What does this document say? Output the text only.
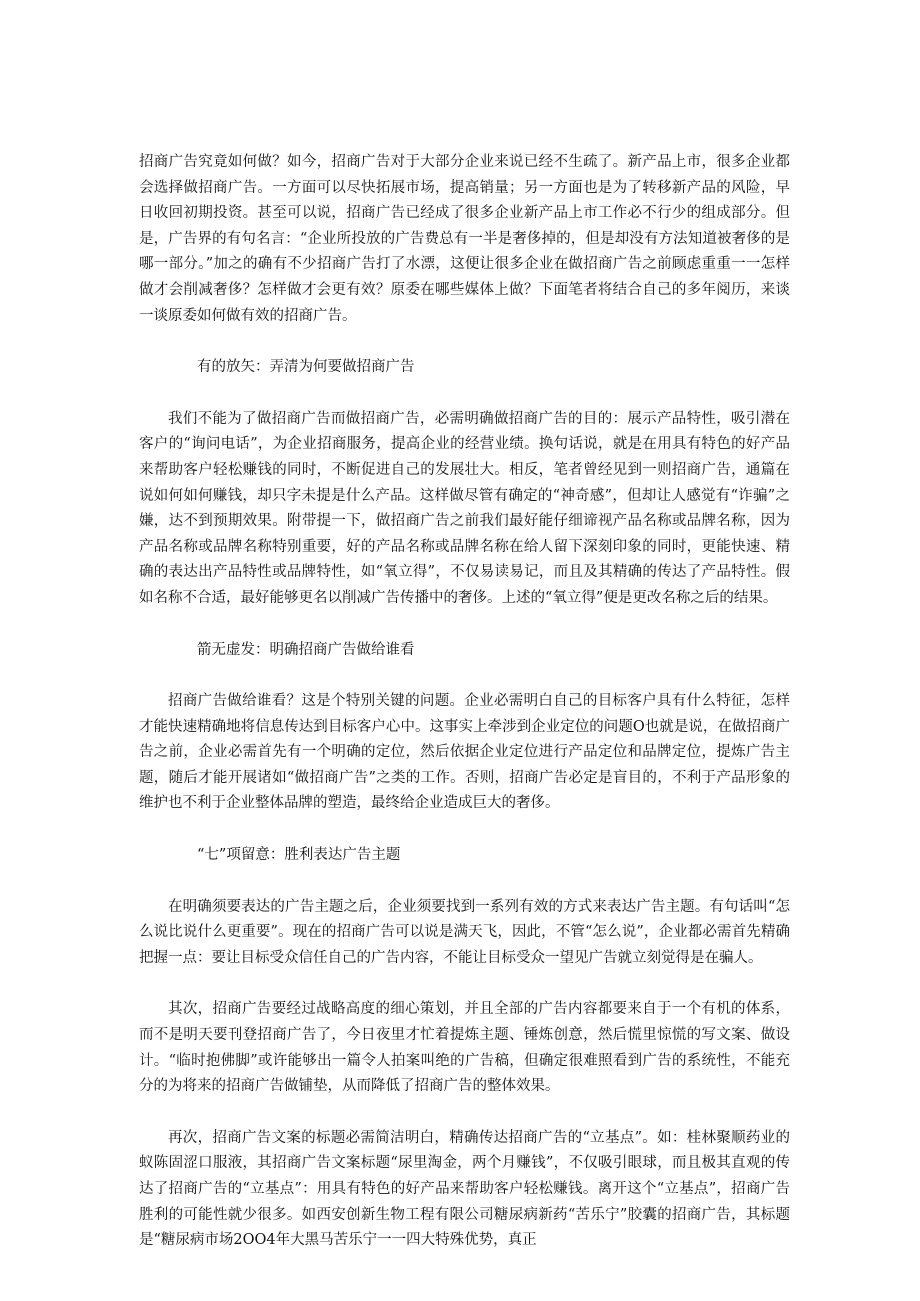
招商广告究竟如何做？如今，招商广告对于大部分企业来说已经不生疏了。新产品上市，很多企业都会选择做招商广告。一方面可以尽快拓展市场，提高销量；另一方面也是为了转移新产品的风险，早日收回初期投资。甚至可以说，招商广告已经成了很多企业新产品上市工作必不行少的组成部分。但是，广告界的有句名言：“企业所投放的广告费总有一半是奢侈掉的，但是却没有方法知道被奢侈的是哪一部分。”加之的确有不少招商广告打了水漂，这便让很多企业在做招商广告之前顾虑重重一一怎样做才会削减奢侈？怎样做才会更有效？原委在哪些媒体上做？下面笔者将结合自己的多年阅历，来谈一谈原委如何做有效的招商广告。

有的放矢：弄清为何要做招商广告

我们不能为了做招商广告而做招商广告，必需明确做招商广告的目的：展示产品特性，吸引潜在客户的“询问电话”，为企业招商服务，提高企业的经营业绩。换句话说，就是在用具有特色的好产品来帮助客户轻松赚钱的同时，不断促进自己的发展壮大。相反，笔者曾经见到一则招商广告，通篇在说如何如何赚钱，却只字未提是什么产品。这样做尽管有确定的“神奇感”，但却让人感觉有“诈骗”之嫌，达不到预期效果。附带提一下，做招商广告之前我们最好能仔细谛视产品名称或品牌名称，因为产品名称或品牌名称特别重要，好的产品名称或品牌名称在给人留下深刻印象的同时，更能快速、精确的表达出产品特性或品牌特性，如“氧立得”，不仅易读易记，而且及其精确的传达了产品特性。假如名称不合适，最好能够更名以削减广告传播中的奢侈。上述的“氧立得”便是更改名称之后的结果。

箭无虚发：明确招商广告做给谁看

招商广告做给谁看？这是个特别关键的问题。企业必需明白自己的目标客户具有什么特征，怎样才能快速精确地将信息传达到目标客户心中。这事实上牵涉到企业定位的问题O也就是说，在做招商广告之前，企业必需首先有一个明确的定位，然后依据企业定位进行产品定位和品牌定位，提炼广告主题，随后才能开展诸如“做招商广告”之类的工作。否则，招商广告必定是盲目的，不利于产品形象的维护也不利于企业整体品牌的塑造，最终给企业造成巨大的奢侈。

“七”项留意：胜利表达广告主题

在明确须要表达的广告主题之后，企业须要找到一系列有效的方式来表达广告主题。有句话叫“怎么说比说什么更重要”。现在的招商广告可以说是满天飞，因此，不管“怎么说”，企业都必需首先精确把握一点：要让目标受众信任自己的广告内容，不能让目标受众一望见广告就立刻觉得是在骗人。

其次，招商广告要经过战略高度的细心策划，并且全部的广告内容都要来自于一个有机的体系，而不是明天要刊登招商广告了，今日夜里才忙着提炼主题、锤炼创意，然后慌里惊慌的写文案、做设计。“临时抱佛脚”或许能够出一篇令人拍案叫绝的广告稿，但确定很难照看到广告的系统性，不能充分的为将来的招商广告做铺垫，从而降低了招商广告的整体效果。

再次，招商广告文案的标题必需简洁明白，精确传达招商广告的“立基点”。如：桂林聚顺药业的蚁陈固涩口服液，其招商广告文案标题“尿里淘金，两个月赚钱”，不仅吸引眼球，而且极其直观的传达了招商广告的“立基点”：用具有特色的好产品来帮助客户轻松赚钱。离开这个“立基点”，招商广告胜利的可能性就少很多。如西安创新生物工程有限公司糖尿病新药“苦乐宁”胶囊的招商广告，其标题是“糖尿病市场2OO4年大黑马苦乐宁一一四大特殊优势，真正
